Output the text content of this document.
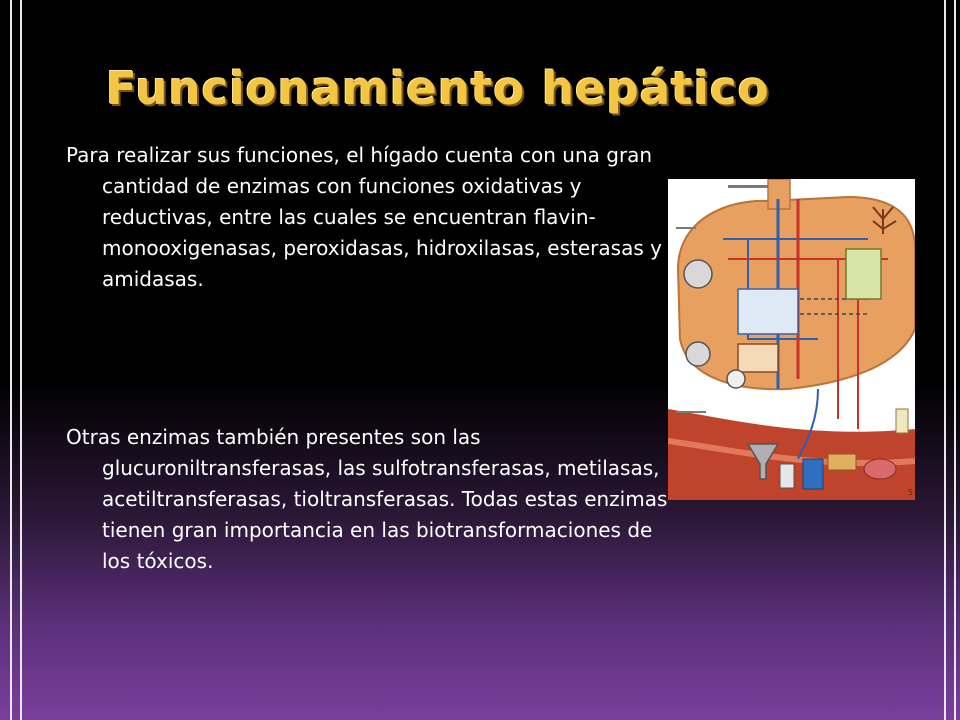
Funcionamiento hepático
Para realizar sus funciones, el hígado cuenta con una gran cantidad de enzimas con funciones oxidativas y reductivas, entre las cuales se encuentran flavin-monooxigenasas, peroxidasas, hidroxilasas, esterasas y amidasas.
Otras enzimas también presentes son las glucuroniltransferasas, las sulfotransferasas, metilasas, acetiltransferasas, tioltransferasas. Todas estas enzimas tienen gran importancia en las biotransformaciones de los tóxicos.
5
